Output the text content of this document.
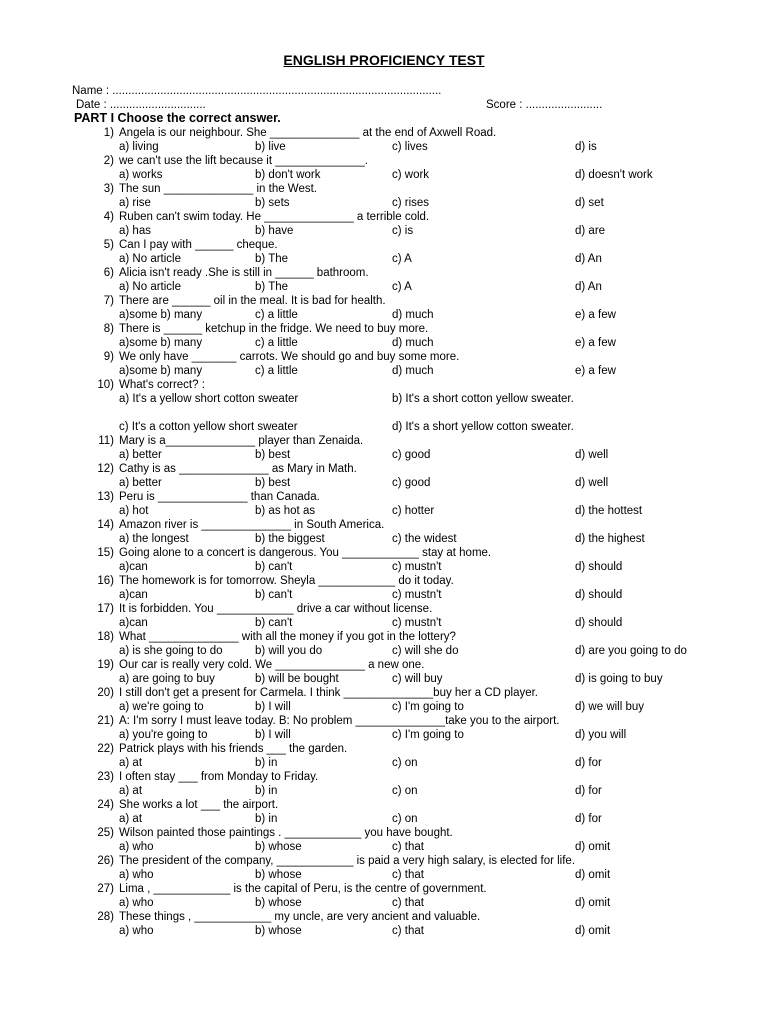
ENGLISH PROFICIENCY TEST
Name : .......................................................................................................
Date : ..............................	Score : ........................
PART I Choose the correct answer.
1) Angela is our neighbour. She ______________ at the end of Axwell Road.
a) living	b) live	c) lives	d) is
2) we can't use the lift because it ______________.
a) works	b) don't work	c) work	d) doesn't work
3) The sun ______________ in the West.
a) rise	b) sets	c) rises	d) set
4) Ruben can't swim today. He ______________ a terrible cold.
a) has	b) have	c) is	d) are
5) Can I pay with ______ cheque.
a) No article	b) The	c) A	d) An
6) Alicia isn't ready .She is still in ______ bathroom.
a) No article	b) The	c) A	d) An
7) There are ______ oil in the meal. It is bad for health.
a)some b) many	c) a little	d) much	e) a few
8) There is ______ ketchup in the fridge. We need to buy more.
a)some b) many	c) a little	d) much	e) a few
9) We only have _______ carrots. We should go and buy some more.
a)some b) many	c) a little	d) much	e) a few
10) What's correct? :
a) It's a yellow short cotton sweater	b) It's a short cotton yellow sweater.
c) It's a cotton yellow short sweater	d) It's a short yellow cotton sweater.
11) Mary is a______________ player than Zenaida.
a) better	b) best	c) good	d) well
12) Cathy is as ______________ as Mary in Math.
a) better	b) best	c) good	d) well
13) Peru is ______________ than Canada.
a) hot	b) as hot as	c) hotter	d) the hottest
14) Amazon river is ______________ in South America.
a) the longest	b) the biggest	c) the widest	d) the highest
15) Going alone to a concert is dangerous. You ____________ stay at home.
a)can	b) can't	c) mustn't	d) should
16) The homework is for tomorrow. Sheyla ____________ do it today.
a)can	b) can't	c) mustn't	d) should
17) It is forbidden. You ____________ drive a car without license.
a)can	b) can't	c) mustn't	d) should
18) What ______________ with all the money if you got in the lottery?
a) is she going to do	b) will you do	c) will she do	d) are you going to do
19) Our car is really very cold. We ______________ a new one.
a) are going to buy	b) will be bought	c) will buy	d) is going to buy
20) I still don't get a present for Carmela. I think ______________buy her a CD player.
a) we're going to	b) I will	c) I'm going to	d) we will buy
21) A: I'm sorry I must leave today. B: No problem ______________take you to the airport.
a) you're going to	b) I will	c) I'm going to	d) you will
22) Patrick plays with his friends ___ the garden.
a) at	b) in	c) on	d) for
23) I often stay ___ from Monday to Friday.
a) at	b) in	c) on	d) for
24) She works a lot ___ the airport.
a) at	b) in	c) on	d) for
25) Wilson painted those paintings . ____________ you have bought.
a) who	b) whose	c) that	d) omit
26) The president of the company, ____________ is paid a very high salary, is elected for life.
a) who	b) whose	c) that	d) omit
27) Lima , ____________ is the capital of Peru, is the centre of government.
a) who	b) whose	c) that	d) omit
28) These things , ____________ my uncle, are very ancient and valuable.
a) who	b) whose	c) that	d) omit
